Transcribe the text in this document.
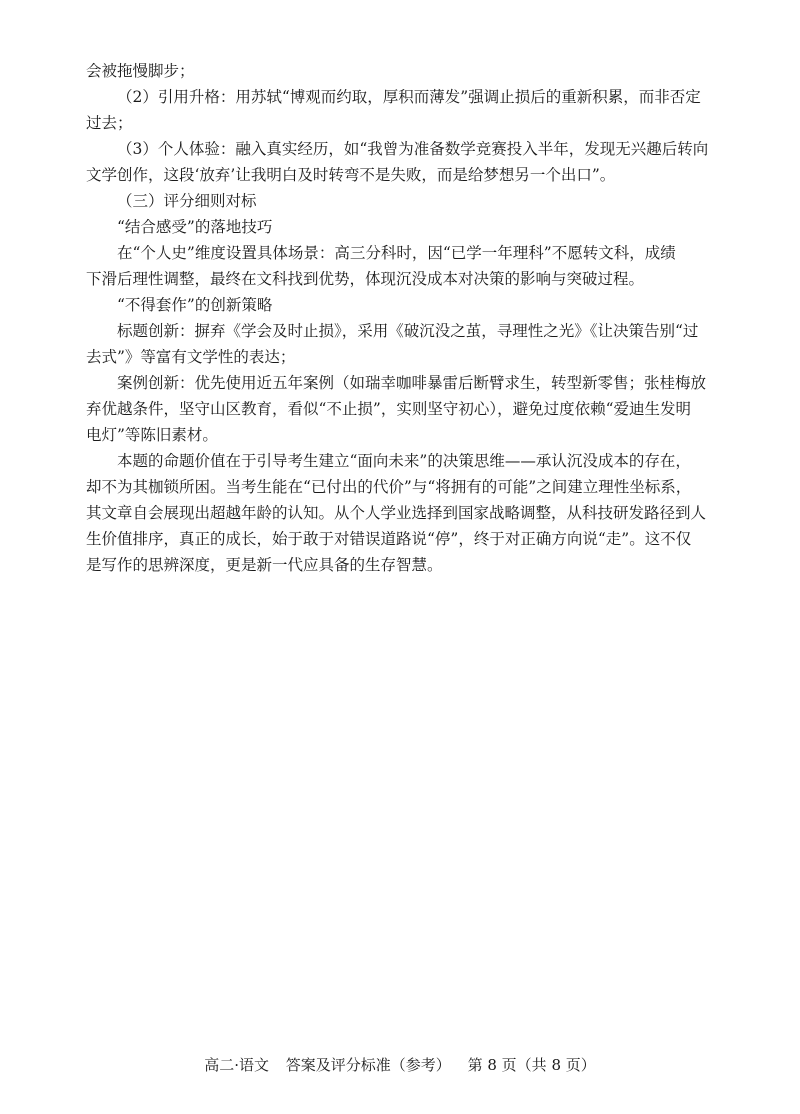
会被拖慢脚步；
（2）引用升格：用苏轼“博观而约取，厚积而薄发”强调止损后的重新积累，而非否定
过去；
（3）个人体验：融入真实经历，如“我曾为准备数学竞赛投入半年，发现无兴趣后转向
文学创作，这段‘放弃’让我明白及时转弯不是失败，而是给梦想另一个出口”。
（三）评分细则对标
“结合感受”的落地技巧
在“个人史”维度设置具体场景：高三分科时，因“已学一年理科”不愿转文科，成绩
下滑后理性调整，最终在文科找到优势，体现沉没成本对决策的影响与突破过程。
“不得套作”的创新策略
标题创新：摒弃《学会及时止损》，采用《破沉没之茧，寻理性之光》《让决策告别“过
去式”》等富有文学性的表达；
案例创新：优先使用近五年案例（如瑞幸咖啡暴雷后断臂求生，转型新零售；张桂梅放
弃优越条件，坚守山区教育，看似“不止损”，实则坚守初心），避免过度依赖“爱迪生发明
电灯”等陈旧素材。
本题的命题价值在于引导考生建立“面向未来”的决策思维——承认沉没成本的存在，
却不为其枷锁所困。当考生能在“已付出的代价”与“将拥有的可能”之间建立理性坐标系，
其文章自会展现出超越年龄的认知。从个人学业选择到国家战略调整，从科技研发路径到人
生价值排序，真正的成长，始于敢于对错误道路说“停”，终于对正确方向说“走”。这不仅
是写作的思辨深度，更是新一代应具备的生存智慧。
高二·语文 答案及评分标准（参考） 第 8 页（共 8 页）
